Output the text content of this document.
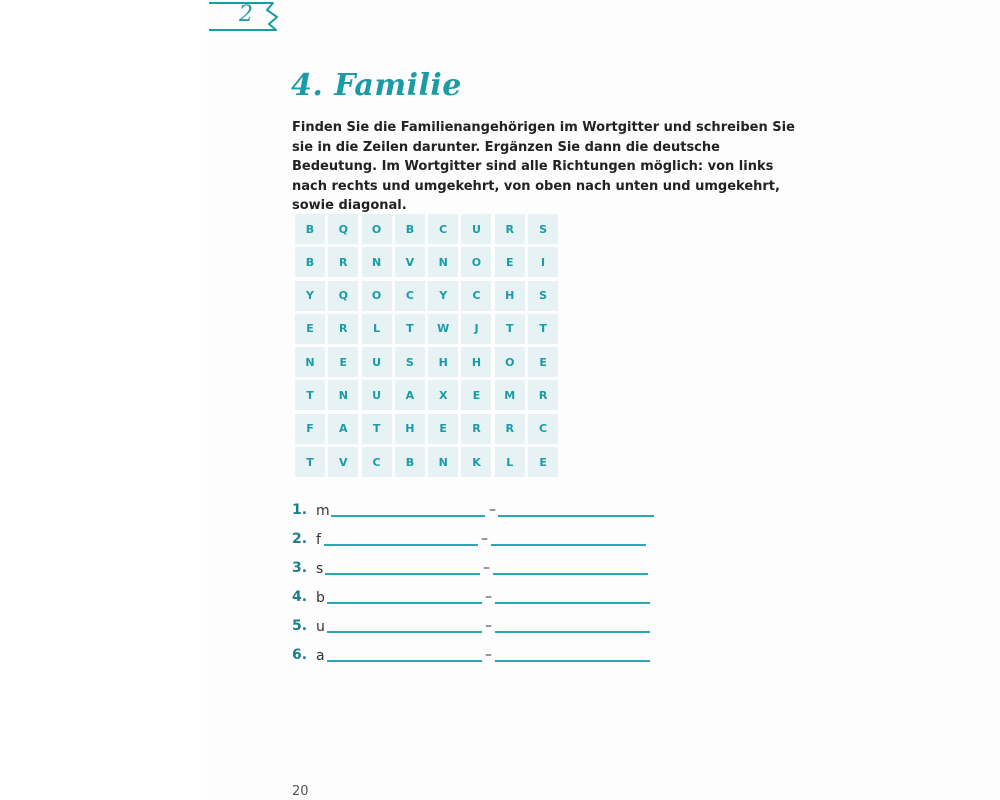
2
4. Familie
Finden Sie die Familienangehörigen im Wortgitter und schreiben Sie sie in die Zeilen darunter. Ergänzen Sie dann die deutsche Bedeutung. Im Wortgitter sind alle Richtungen möglich: von links nach rechts und umgekehrt, von oben nach unten und umgekehrt, sowie diagonal.
B	Q	O	B	C	U	R	S
B	R	N	V	N	O	E	I
Y	Q	O	C	Y	C	H	S
E	R	L	T	W	J	T	T
N	E	U	S	H	H	O	E
T	N	U	A	X	E	M	R
F	A	T	H	E	R	R	C
T	V	C	B	N	K	L	E
1. m	–
2. f	–
3. s	–
4. b	–
5. u	–
6. a	–
20
